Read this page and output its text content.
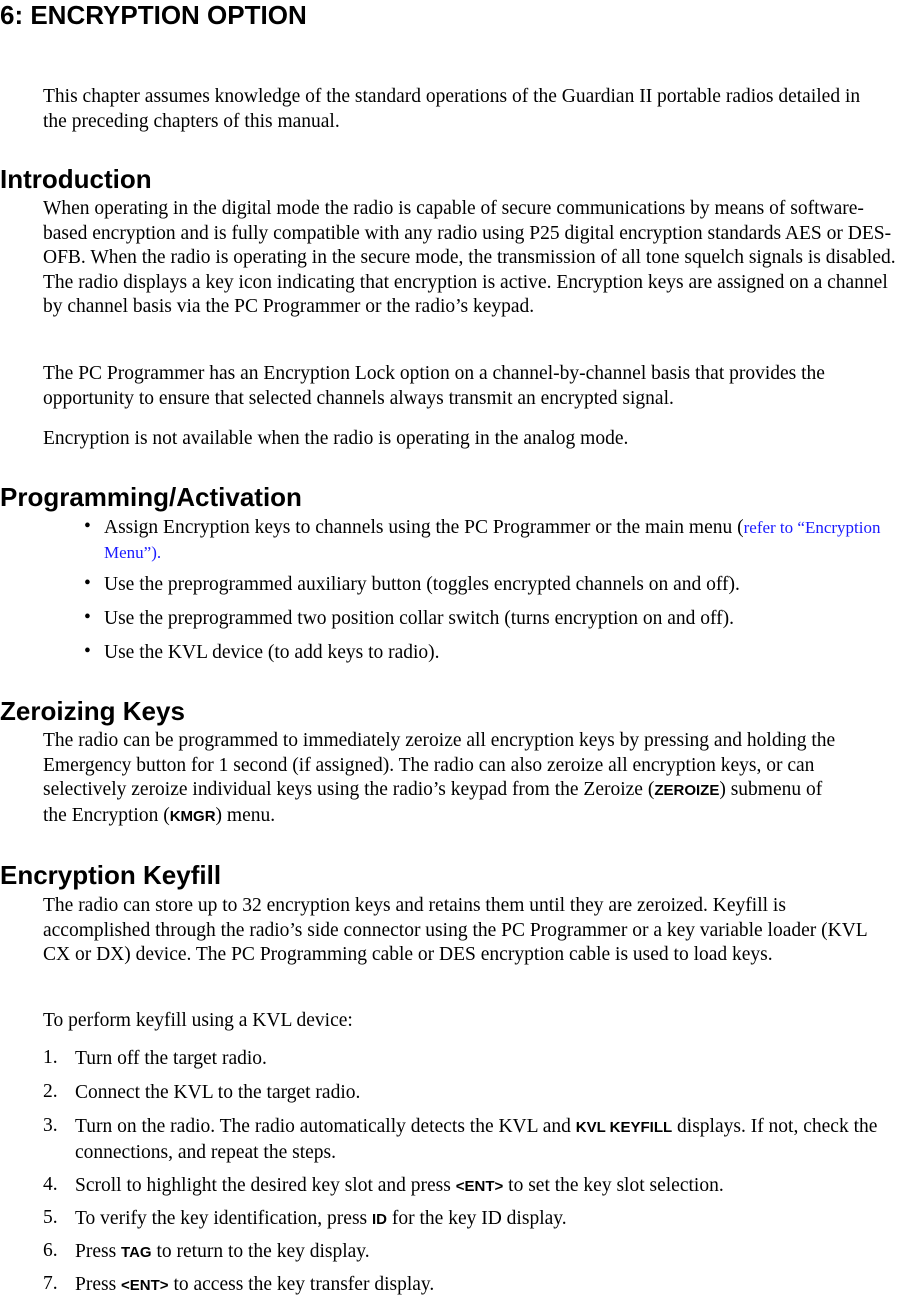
6: ENCRYPTION OPTION
This chapter assumes knowledge of the standard operations of the Guardian II portable radios detailed in the preceding chapters of this manual.
Introduction
When operating in the digital mode the radio is capable of secure communications by means of software-based encryption and is fully compatible with any radio using P25 digital encryption standards AES or DES-OFB. When the radio is operating in the secure mode, the transmission of all tone squelch signals is disabled. The radio displays a key icon indicating that encryption is active. Encryption keys are assigned on a channel by channel basis via the PC Programmer or the radio’s keypad.
The PC Programmer has an Encryption Lock option on a channel-by-channel basis that provides the opportunity to ensure that selected channels always transmit an encrypted signal.
Encryption is not available when the radio is operating in the analog mode.
Programming/Activation
• Assign Encryption keys to channels using the PC Programmer or the main menu (refer to “Encryption Menu”).
• Use the preprogrammed auxiliary button (toggles encrypted channels on and off).
• Use the preprogrammed two position collar switch (turns encryption on and off).
• Use the KVL device (to add keys to radio).
Zeroizing Keys
The radio can be programmed to immediately zeroize all encryption keys by pressing and holding the Emergency button for 1 second (if assigned). The radio can also zeroize all encryption keys, or can selectively zeroize individual keys using the radio’s keypad from the Zeroize (ZEROIZE) submenu of the Encryption (KMGR) menu.
Encryption Keyfill
The radio can store up to 32 encryption keys and retains them until they are zeroized. Keyfill is accomplished through the radio’s side connector using the PC Programmer or a key variable loader (KVL CX or DX) device. The PC Programming cable or DES encryption cable is used to load keys.
To perform keyfill using a KVL device:
1. Turn off the target radio.
2. Connect the KVL to the target radio.
3. Turn on the radio. The radio automatically detects the KVL and KVL KEYFILL displays. If not, check the connections, and repeat the steps.
4. Scroll to highlight the desired key slot and press <ENT> to set the key slot selection.
5. To verify the key identification, press ID for the key ID display.
6. Press TAG to return to the key display.
7. Press <ENT> to access the key transfer display.
